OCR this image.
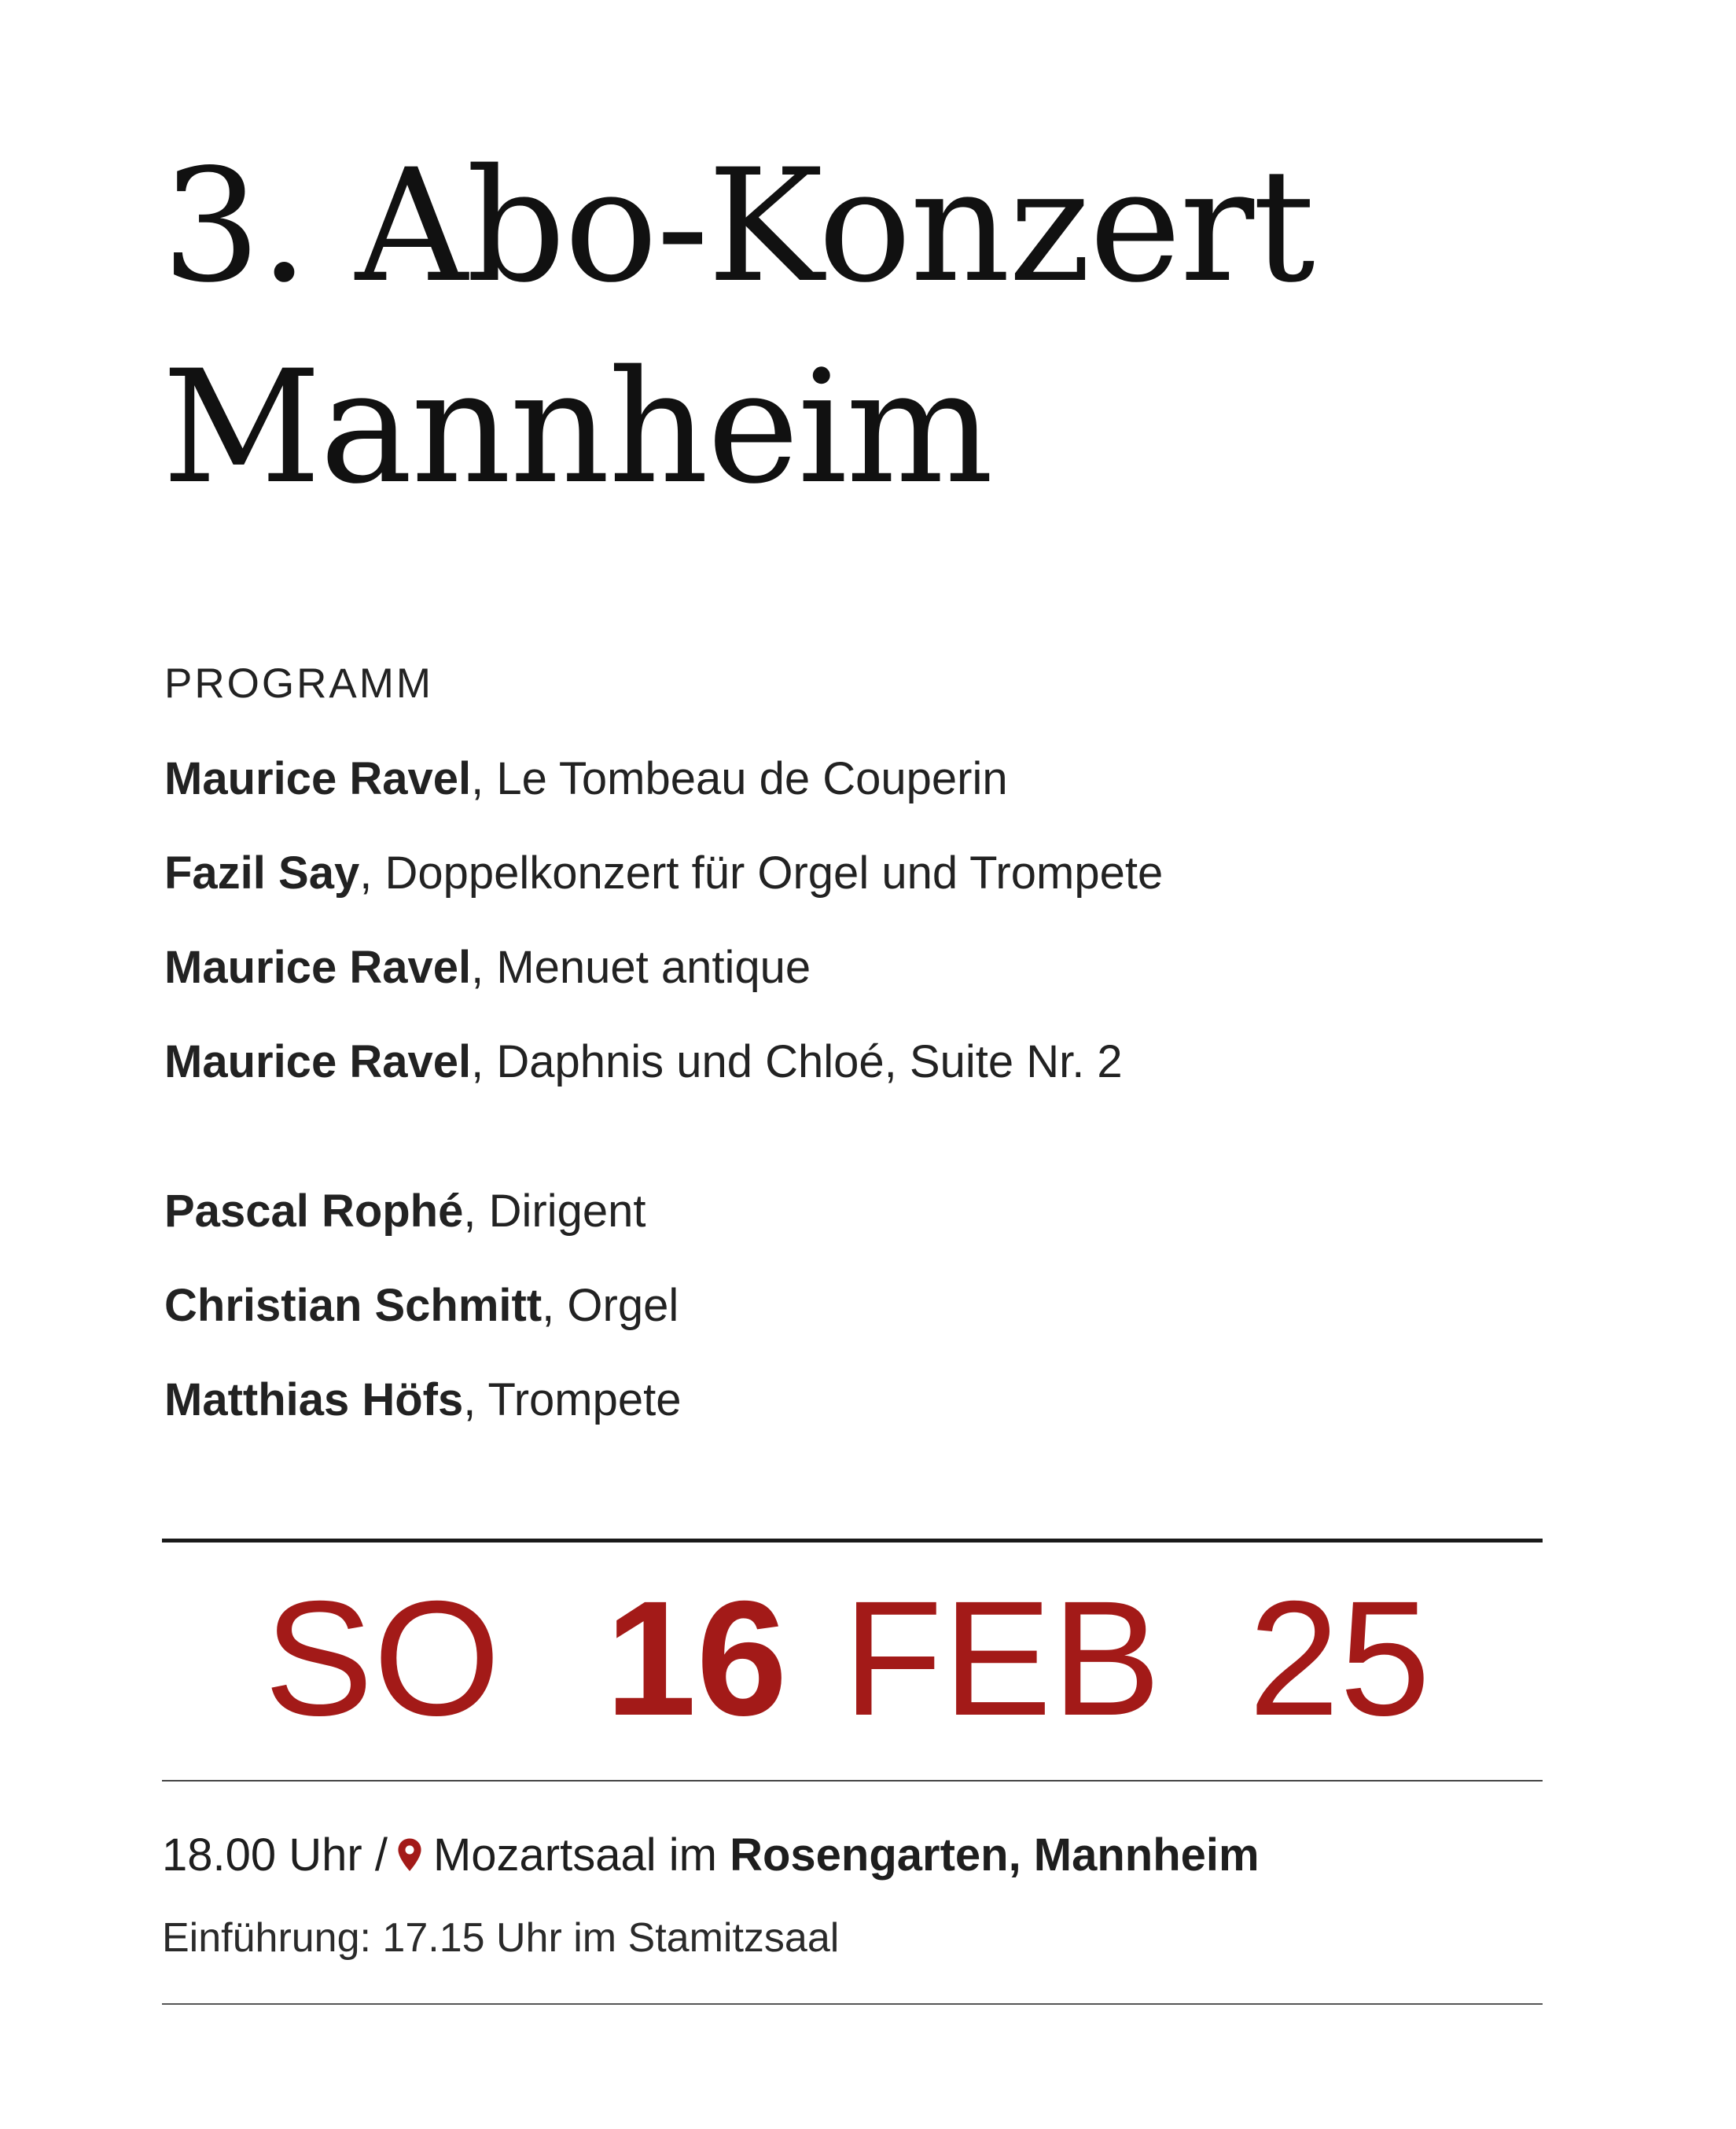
3. Abo-Konzert
Mannheim
PROGRAMM
Maurice Ravel, Le Tombeau de Couperin
Fazil Say, Doppelkonzert für Orgel und Trompete
Maurice Ravel, Menuet antique
Maurice Ravel, Daphnis und Chloé, Suite Nr. 2
Pascal Rophé, Dirigent
Christian Schmitt, Orgel
Matthias Höfs, Trompete
SO 16 FEB 25
18.00 Uhr / Mozartsaal im Rosengarten, Mannheim
Einführung: 17.15 Uhr im Stamitzsaal
